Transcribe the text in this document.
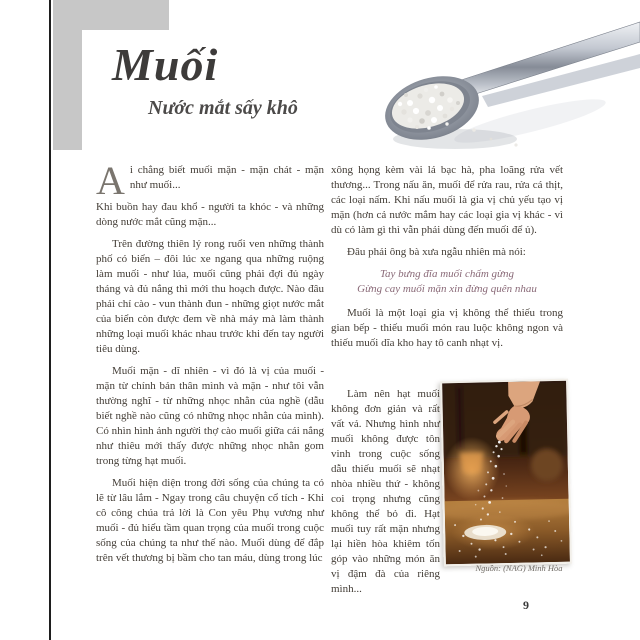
Muối
Nước mắt sấy khô

Ai chẳng biết muối mặn - mặn chát - mặn như muối...

Khi buồn hay đau khổ - người ta khóc - và những dòng nước mắt cũng mặn...

Trên đường thiên lý rong ruổi ven những thành phố có biển – đôi lúc xe ngang qua những ruộng làm muối - như lúa, muối cũng phải đợi đủ ngày tháng và đủ nắng thì mới thu hoạch được. Nào đâu phải chỉ cào - vun thành đun - những giọt nước mắt của biển còn được đem về nhà máy mà làm thành những loại muối khác nhau trước khi đến tay người tiêu dùng.

Muối mặn - dĩ nhiên - vì đó là vị của muối - mặn từ chính bản thân mình và mặn - như tôi vẫn thường nghĩ - từ những nhọc nhằn của nghề (dẫu biết nghề nào cũng có những nhọc nhằn của mình). Có nhìn hình ảnh người thợ cào muối giữa cái nắng như thiêu mới thấy được những nhọc nhằn gom trong từng hạt muối.

Muối hiện diện trong đời sống của chúng ta có lẽ từ lâu lắm - Ngay trong câu chuyện cổ tích - Khi cô công chúa trả lời là Con yêu Phụ vương như muối - đủ hiểu tầm quan trọng của muối trong cuộc sống của chúng ta như thế nào. Muối dùng để đắp trên vết thương bị bầm cho tan máu, dùng trong lúc

xông họng kèm vài lá bạc hà, pha loãng rửa vết thương... Trong nấu ăn, muối để rửa rau, rửa cá thịt, các loại nấm. Khi nấu muối là gia vị chủ yếu tạo vị mặn (hơn cả nước mắm hay các loại gia vị khác - vì dù có làm gì thì vẫn phải dùng đến muối để ủ).

Đâu phải ông bà xưa ngẫu nhiên mà nói:

Tay bưng đĩa muối chấm gừng
Gừng cay muối mặn xin đừng quên nhau

Muối là một loại gia vị không thể thiếu trong gian bếp - thiếu muối món rau luộc không ngon và thiếu muối dĩa kho hay tô canh nhạt vị.

Làm nên hạt muối không đơn giản và rất vất vả. Nhưng hình như muối không được tôn vinh trong cuộc sống dẫu thiếu muối sẽ nhạt nhòa nhiều thứ - không coi trọng nhưng cũng không thể bỏ đi. Hạt muối tuy rất mặn nhưng lại hiền hòa khiêm tốn góp vào những món ăn vị đậm đà của riêng mình...

Nguồn: (NAG) Minh Hòa
9
